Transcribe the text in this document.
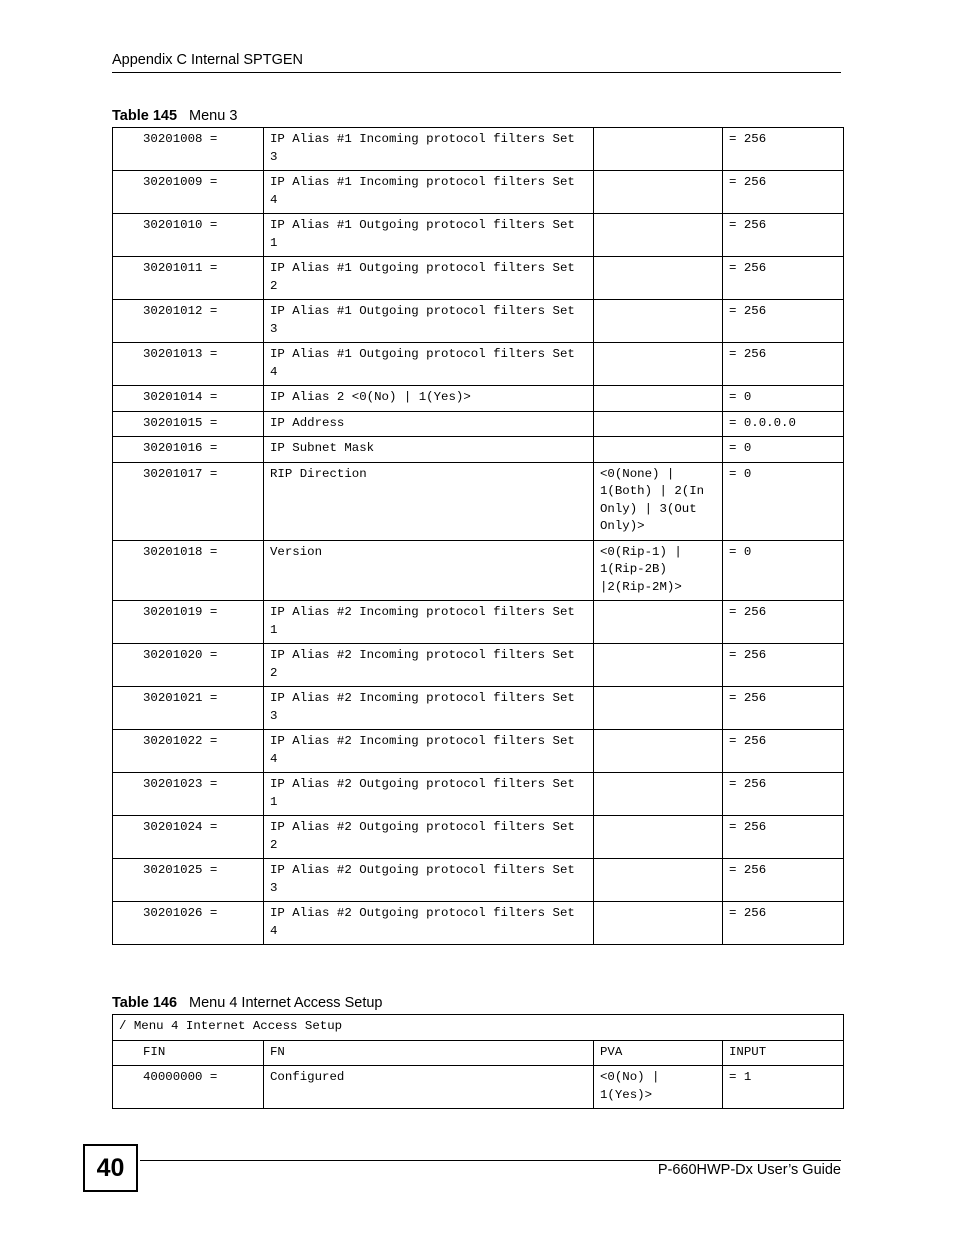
Appendix C Internal SPTGEN
Table 145 Menu 3
30201008 =	IP Alias #1 Incoming protocol filters Set 3		= 256
30201009 =	IP Alias #1 Incoming protocol filters Set 4		= 256
30201010 =	IP Alias #1 Outgoing protocol filters Set 1		= 256
30201011 =	IP Alias #1 Outgoing protocol filters Set 2		= 256
30201012 =	IP Alias #1 Outgoing protocol filters Set 3		= 256
30201013 =	IP Alias #1 Outgoing protocol filters Set 4		= 256
30201014 =	IP Alias 2 <0(No) | 1(Yes)>		= 0
30201015 =	IP Address		= 0.0.0.0
30201016 =	IP Subnet Mask		= 0
30201017 =	RIP Direction	<0(None) | 1(Both) | 2(In Only) | 3(Out Only)>	= 0
30201018 =	Version	<0(Rip-1) | 1(Rip-2B) |2(Rip-2M)>	= 0
30201019 =	IP Alias #2 Incoming protocol filters Set 1		= 256
30201020 =	IP Alias #2 Incoming protocol filters Set 2		= 256
30201021 =	IP Alias #2 Incoming protocol filters Set 3		= 256
30201022 =	IP Alias #2 Incoming protocol filters Set 4		= 256
30201023 =	IP Alias #2 Outgoing protocol filters Set 1		= 256
30201024 =	IP Alias #2 Outgoing protocol filters Set 2		= 256
30201025 =	IP Alias #2 Outgoing protocol filters Set 3		= 256
30201026 =	IP Alias #2 Outgoing protocol filters Set 4		= 256
Table 146 Menu 4 Internet Access Setup
/ Menu 4 Internet Access Setup			
FIN	FN	PVA	INPUT
40000000 =	Configured	<0(No) | 1(Yes)>	= 1
40	P-660HWP-Dx User’s Guide
